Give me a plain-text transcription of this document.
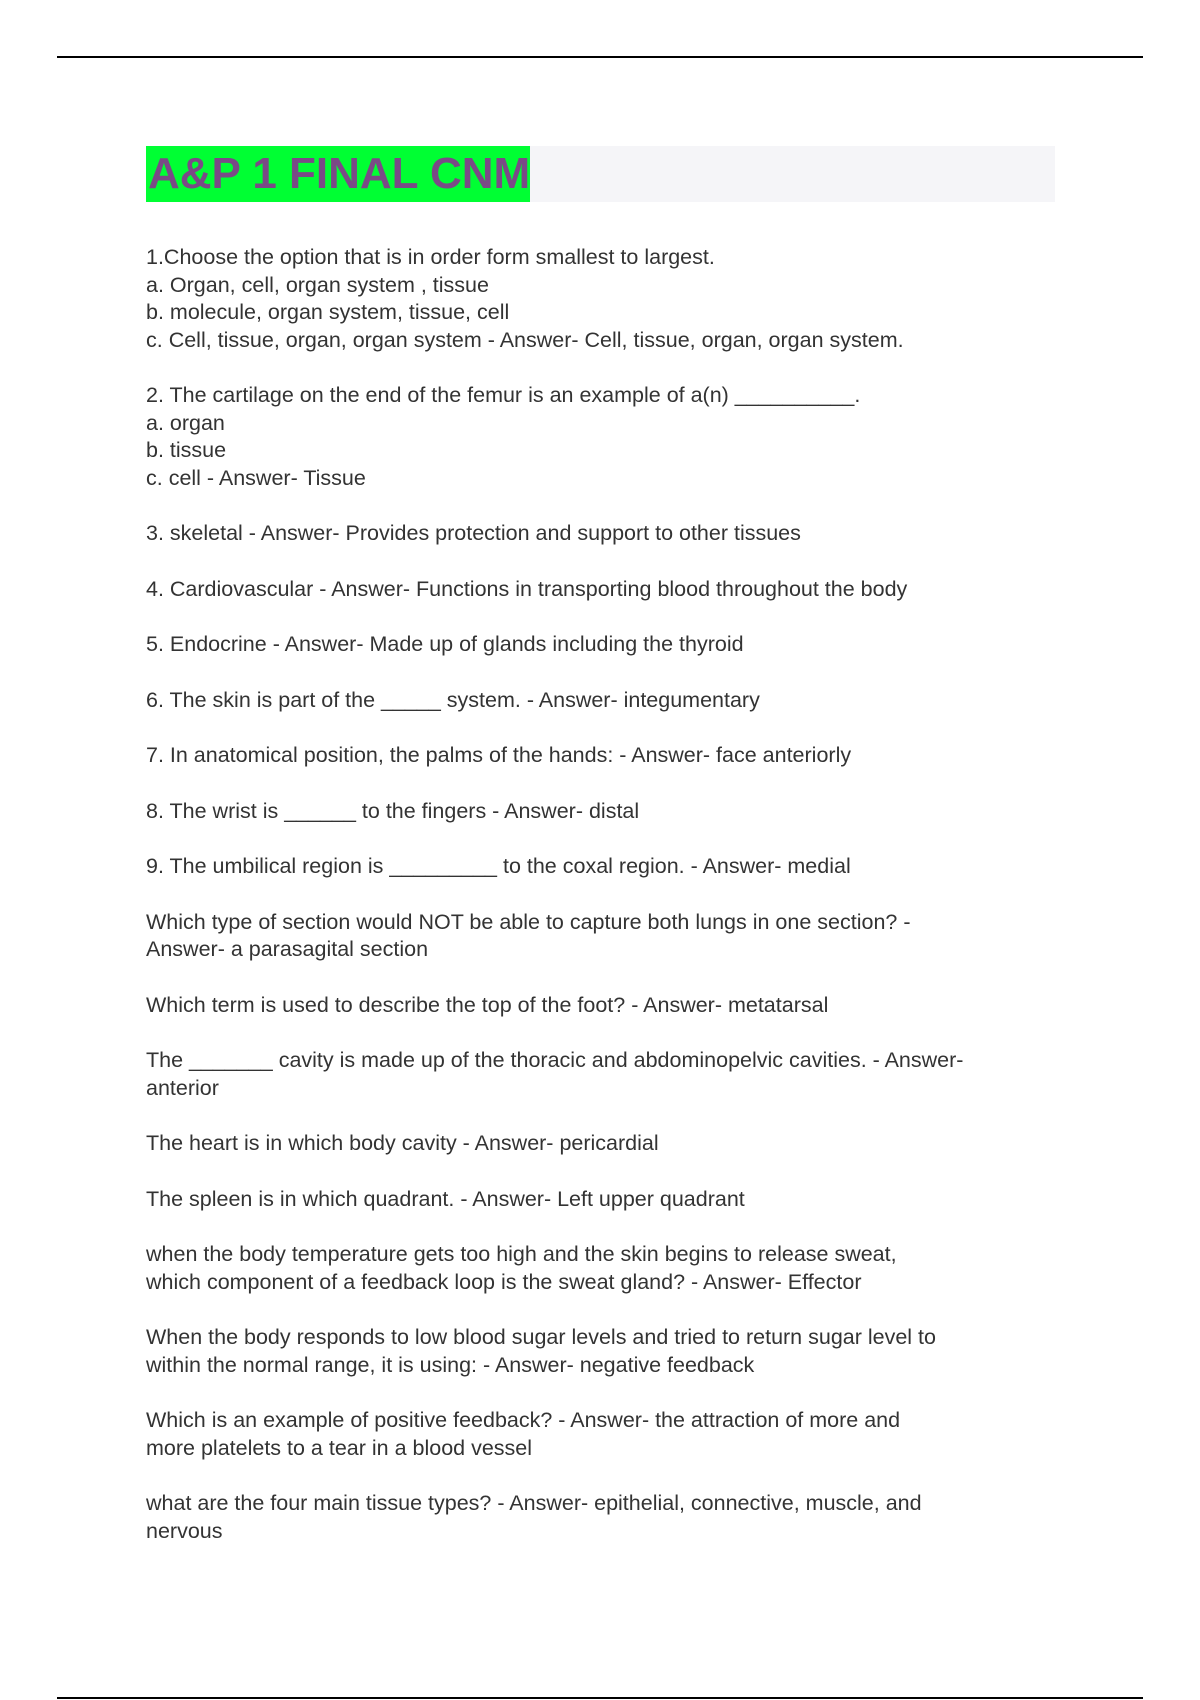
A&P 1 FINAL CNM
1.Choose the option that is in order form smallest to largest.
a. Organ, cell, organ system , tissue
b. molecule, organ system, tissue, cell
c. Cell, tissue, organ, organ system - Answer- Cell, tissue, organ, organ system.
2. The cartilage on the end of the femur is an example of a(n) __________.
a. organ
b. tissue
c. cell - Answer- Tissue
3. skeletal - Answer- Provides protection and support to other tissues
4. Cardiovascular - Answer- Functions in transporting blood throughout the body
5. Endocrine - Answer- Made up of glands including the thyroid
6. The skin is part of the _____ system. - Answer- integumentary
7. In anatomical position, the palms of the hands: - Answer- face anteriorly
8. The wrist is ______ to the fingers - Answer- distal
9. The umbilical region is _________ to the coxal region. - Answer- medial
Which type of section would NOT be able to capture both lungs in one section? -
Answer- a parasagital section
Which term is used to describe the top of the foot? - Answer- metatarsal
The _______ cavity is made up of the thoracic and abdominopelvic cavities. - Answer-
anterior
The heart is in which body cavity - Answer- pericardial
The spleen is in which quadrant. - Answer- Left upper quadrant
when the body temperature gets too high and the skin begins to release sweat,
which component of a feedback loop is the sweat gland? - Answer- Effector
When the body responds to low blood sugar levels and tried to return sugar level to
within the normal range, it is using: - Answer- negative feedback
Which is an example of positive feedback? - Answer- the attraction of more and
more platelets to a tear in a blood vessel
what are the four main tissue types? - Answer- epithelial, connective, muscle, and
nervous
